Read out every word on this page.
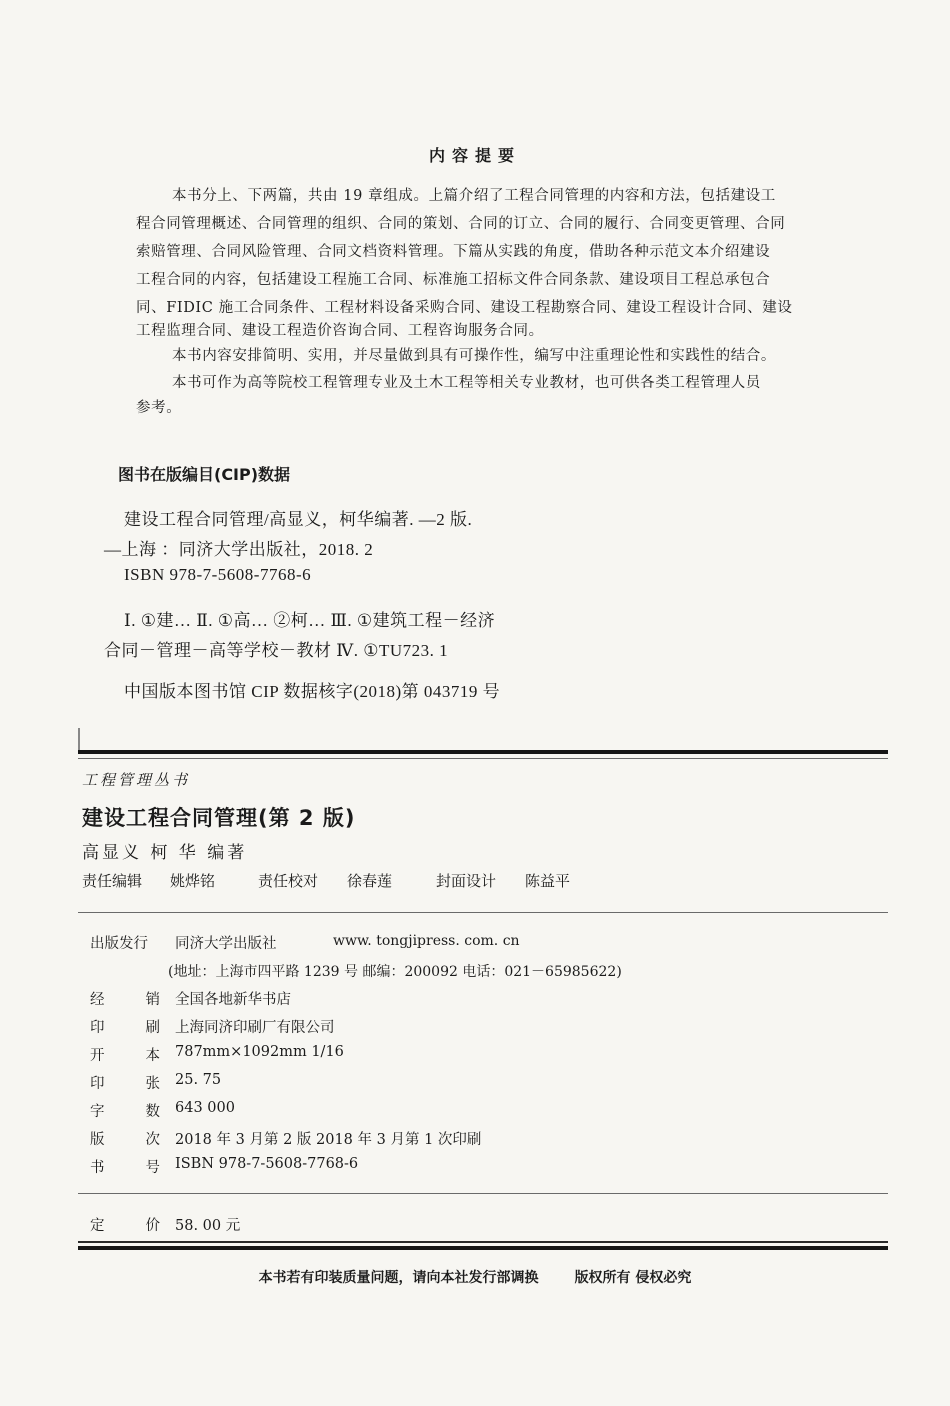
内容提要
本书分上、下两篇，共由 19 章组成。上篇介绍了工程合同管理的内容和方法，包括建设工
程合同管理概述、合同管理的组织、合同的策划、合同的订立、合同的履行、合同变更管理、合同
索赔管理、合同风险管理、合同文档资料管理。下篇从实践的角度，借助各种示范文本介绍建设
工程合同的内容，包括建设工程施工合同、标准施工招标文件合同条款、建设项目工程总承包合
同、FIDIC 施工合同条件、工程材料设备采购合同、建设工程勘察合同、建设工程设计合同、建设
工程监理合同、建设工程造价咨询合同、工程咨询服务合同。
本书内容安排简明、实用，并尽量做到具有可操作性，编写中注重理论性和实践性的结合。
本书可作为高等院校工程管理专业及土木工程等相关专业教材，也可供各类工程管理人员
参考。
图书在版编目(CIP)数据
建设工程合同管理/高显义，柯华编著. —2 版.
—上海 ：同济大学出版社，2018. 2
ISBN 978-7-5608-7768-6
Ⅰ. ①建… Ⅱ. ①高… ②柯… Ⅲ. ①建筑工程－经济
合同－管理－高等学校－教材 Ⅳ. ①TU723. 1
中国版本图书馆 CIP 数据核字(2018)第 043719 号
工程管理丛书
建设工程合同管理(第 2 版)
高显义 柯 华 编著
责任编辑 姚烨铭	责任校对 徐春莲	封面设计 陈益平
出版发行 同济大学出版社	www. tongjipress. com. cn
(地址：上海市四平路 1239 号 邮编：200092 电话：021－65985622)
经	销 全国各地新华书店
印	刷 上海同济印刷厂有限公司
开	本 787mm×1092mm 1/16
印	张 25. 75
字	数 643 000
版	次 2018 年 3 月第 2 版 2018 年 3 月第 1 次印刷
书	号 ISBN 978-7-5608-7768-6
定	价 58. 00 元
本书若有印装质量问题，请向本社发行部调换	版权所有 侵权必究
